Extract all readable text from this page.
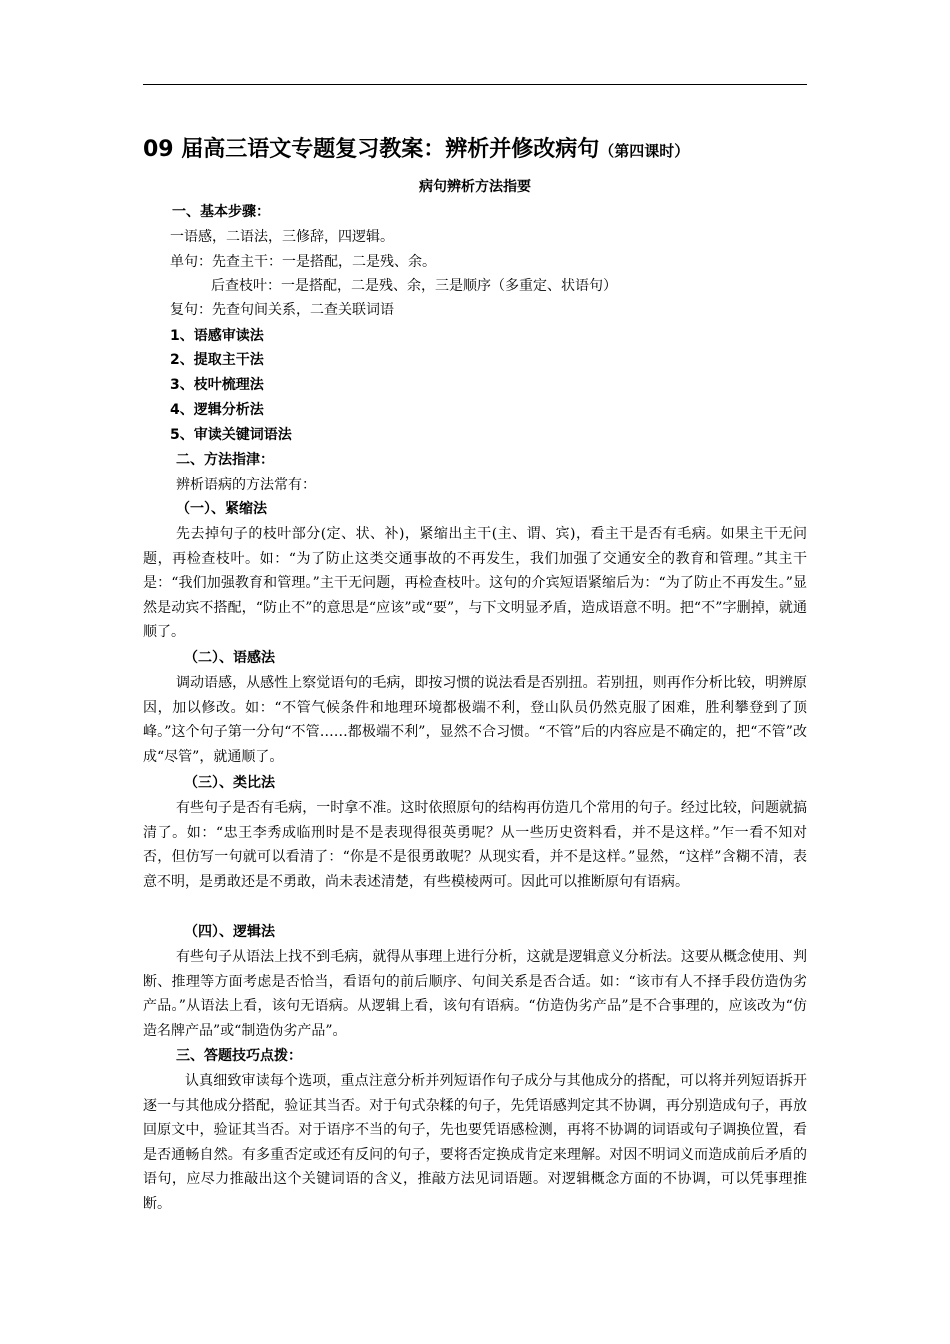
09 届高三语文专题复习教案：辨析并修改病句（第四课时）
病句辨析方法指要
一、基本步骤：
一语感，二语法，三修辞，四逻辑。
单句：先查主干：一是搭配，二是残、余。
后查枝叶：一是搭配，二是残、余，三是顺序（多重定、状语句）
复句：先查句间关系，二查关联词语
1、语感审读法
2、提取主干法
3、枝叶梳理法
4、逻辑分析法
5、审读关键词语法
二、方法指津：
辨析语病的方法常有：
（一）、紧缩法

先去掉句子的枝叶部分(定、状、补)，紧缩出主干(主、谓、宾)，看主干是否有毛病。如果主干无问题，再检查枝叶。如：“为了防止这类交通事故的不再发生，我们加强了交通安全的教育和管理。”其主干是：“我们加强教育和管理。”主干无问题，再检查枝叶。这句的介宾短语紧缩后为：“为了防止不再发生。”显然是动宾不搭配，“防止不”的意思是“应该”或“要”，与下文明显矛盾，造成语意不明。把“不”字删掉，就通顺了。

（二）、语感法

调动语感，从感性上察觉语句的毛病，即按习惯的说法看是否别扭。若别扭，则再作分析比较，明辨原因，加以修改。如：“不管气候条件和地理环境都极端不利，登山队员仍然克服了困难，胜利攀登到了顶峰。”这个句子第一分句“不管……都极端不利”，显然不合习惯。“不管”后的内容应是不确定的，把“不管”改成“尽管”，就通顺了。

（三）、类比法

有些句子是否有毛病，一时拿不准。这时依照原句的结构再仿造几个常用的句子。经过比较，问题就搞清了。如：“忠王李秀成临刑时是不是表现得很英勇呢？从一些历史资料看，并不是这样。”乍一看不知对否，但仿写一句就可以看清了：“你是不是很勇敢呢？从现实看，并不是这样。”显然，“这样”含糊不清，表意不明，是勇敢还是不勇敢，尚未表述清楚，有些模棱两可。因此可以推断原句有语病。

（四）、逻辑法

有些句子从语法上找不到毛病，就得从事理上进行分析，这就是逻辑意义分析法。这要从概念使用、判断、推理等方面考虑是否恰当，看语句的前后顺序、句间关系是否合适。如：“该市有人不择手段仿造伪劣产品。”从语法上看，该句无语病。从逻辑上看，该句有语病。“仿造伪劣产品”是不合事理的，应该改为“仿造名牌产品”或“制造伪劣产品”。

三、答题技巧点拨：

认真细致审读每个选项，重点注意分析并列短语作句子成分与其他成分的搭配，可以将并列短语拆开逐一与其他成分搭配，验证其当否。对于句式杂糅的句子，先凭语感判定其不协调，再分别造成句子，再放回原文中，验证其当否。对于语序不当的句子，先也要凭语感检测，再将不协调的词语或句子调换位置，看是否通畅自然。有多重否定或还有反问的句子，要将否定换成肯定来理解。对因不明词义而造成前后矛盾的语句，应尽力推敲出这个关键词语的含义，推敲方法见词语题。对逻辑概念方面的不协调，可以凭事理推断。
